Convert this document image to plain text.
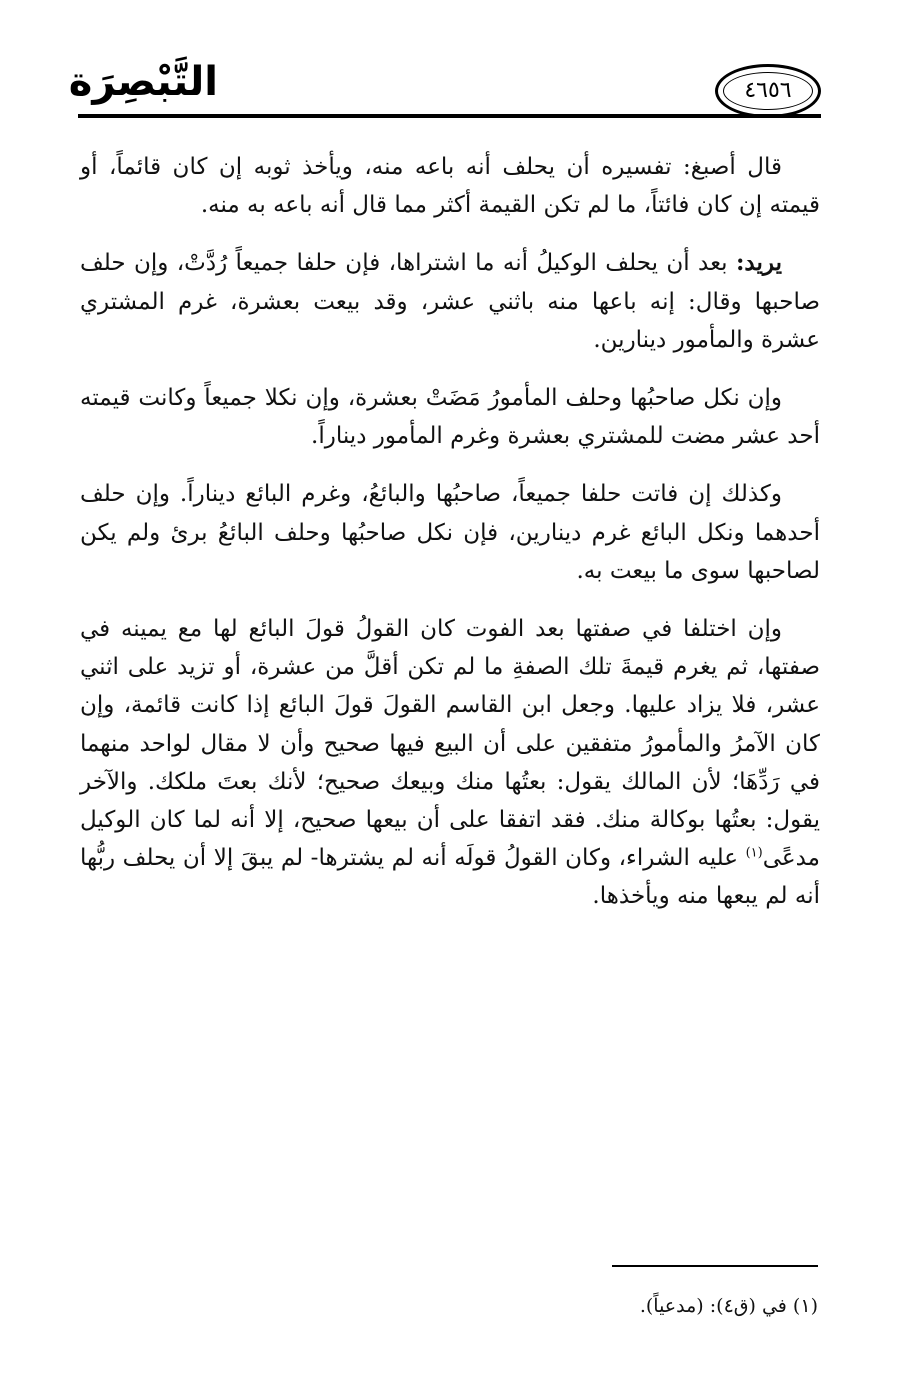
التَّبْصِرَة	٤٦٥٦

قال أصبغ: تفسيره أن يحلف أنه باعه منه، ويأخذ ثوبه إن كان قائماً، أو قيمته إن كان فائتاً، ما لم تكن القيمة أكثر مما قال أنه باعه به منه.

يريد: بعد أن يحلف الوكيلُ أنه ما اشتراها، فإن حلفا جميعاً رُدَّتْ، وإن حلف صاحبها وقال: إنه باعها منه باثني عشر، وقد بيعت بعشرة، غرم المشتري عشرة والمأمور دينارين.

وإن نكل صاحبُها وحلف المأمورُ مَضَتْ بعشرة، وإن نكلا جميعاً وكانت قيمته أحد عشر مضت للمشتري بعشرة وغرم المأمور ديناراً.

وكذلك إن فاتت حلفا جميعاً، صاحبُها والبائعُ، وغرم البائع ديناراً. وإن حلف أحدهما ونكل البائع غرم دينارين، فإن نكل صاحبُها وحلف البائعُ برئ ولم يكن لصاحبها سوى ما بيعت به.

وإن اختلفا في صفتها بعد الفوت كان القولُ قولَ البائع لها مع يمينه في صفتها، ثم يغرم قيمةَ تلك الصفةِ ما لم تكن أقلَّ من عشرة، أو تزيد على اثني عشر، فلا يزاد عليها. وجعل ابن القاسم القولَ قولَ البائع إذا كانت قائمة، وإن كان الآمرُ والمأمورُ متفقين على أن البيع فيها صحيح وأن لا مقال لواحد منهما في رَدِّهَا؛ لأن المالك يقول: بعتُها منك وبيعك صحيح؛ لأنك بعتَ ملكك. والآخر يقول: بعتُها بوكالة منك. فقد اتفقا على أن بيعها صحيح، إلا أنه لما كان الوكيل مدعًى$^{(١)}$ عليه الشراء، وكان القولُ قولَه أنه لم يشترها- لم يبقَ إلا أن يحلف ربُّها أنه لم يبعها منه ويأخذها.

(١) في (ق٤): (مدعياً).
